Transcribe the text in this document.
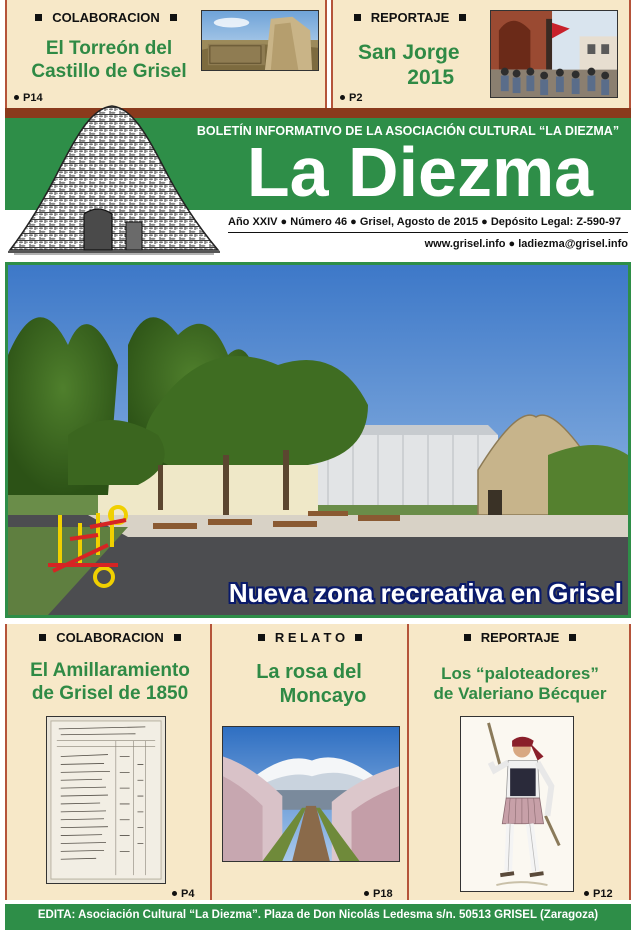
COLABORACION
El Torreón del
Castillo de Grisel
P14
REPORTAJE
San Jorge
2015
P2
BOLETÍN INFORMATIVO DE LA ASOCIACIÓN CULTURAL “LA DIEZMA”
La Diezma
Año XXIV ● Número 46 ● Grisel, Agosto de 2015 ● Depósito Legal: Z-590-97
www.grisel.info ● ladiezma@grisel.info
Nueva zona recreativa en Grisel
COLABORACION
El Amillaramiento
de Grisel de 1850
P4
R E L A T O
La rosa del
Moncayo
P18
REPORTAJE
Los “paloteadores”
de Valeriano Bécquer
P12
EDITA: Asociación Cultural “La Diezma”. Plaza de Don Nicolás Ledesma s/n. 50513 GRISEL (Zaragoza)
